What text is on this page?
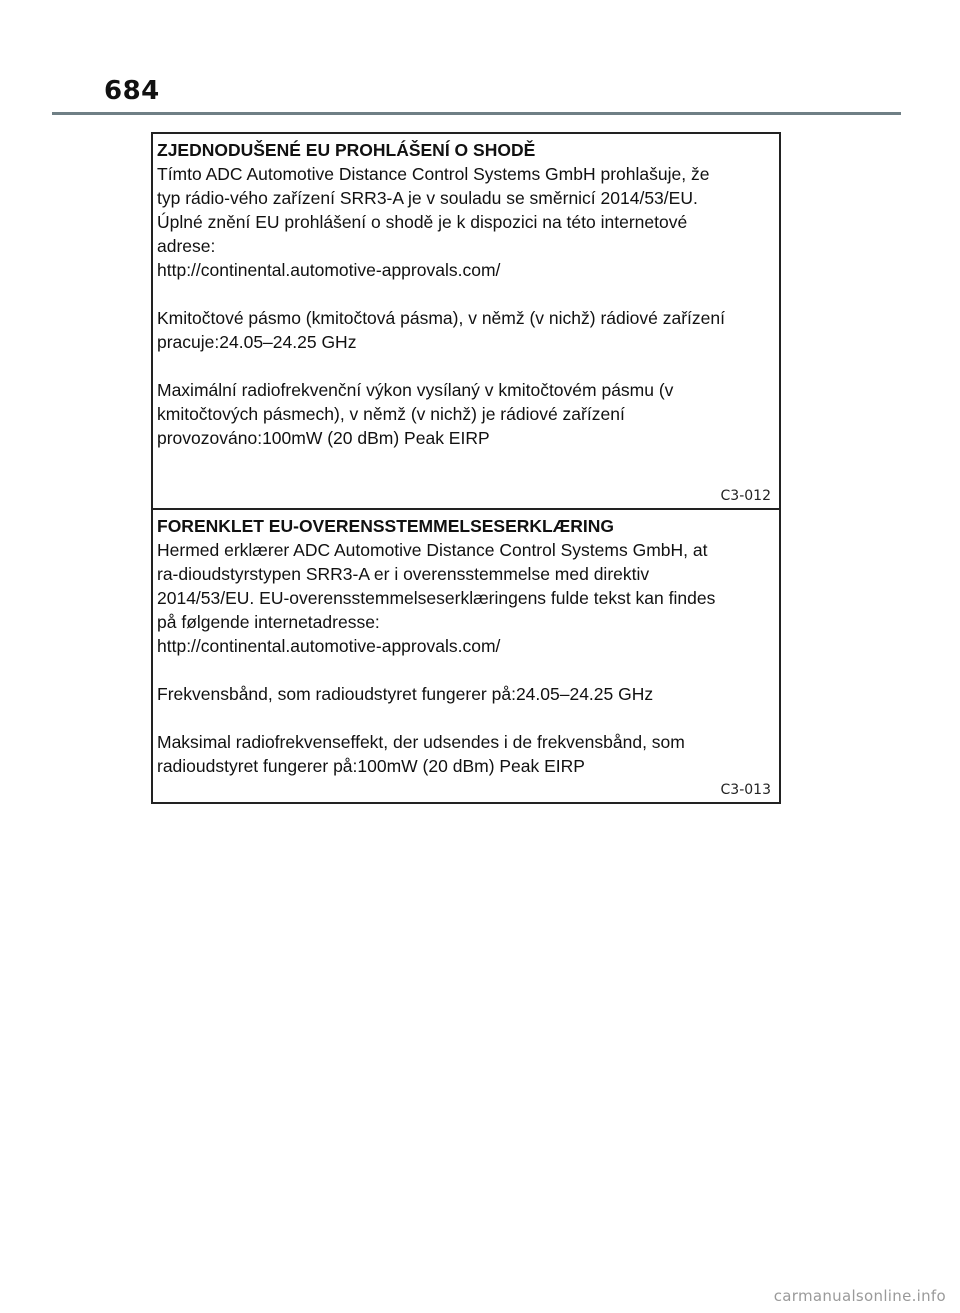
684

ZJEDNODUŠENÉ EU PROHLÁŠENÍ O SHODĚ

Tímto ADC Automotive Distance Control Systems GmbH prohlašuje, že

typ rádio-vého zařízení SRR3-A je v souladu se směrnicí 2014/53/EU.

Úplné znění EU prohlášení o shodě je k dispozici na této internetové

adrese:

http://continental.automotive-approvals.com/

Kmitočtové pásmo (kmitočtová pásma), v němž (v nichž) rádiové zařízení

pracuje:24.05–24.25 GHz

Maximální radiofrekvenční výkon vysílaný v kmitočtovém pásmu (v

kmitočtových pásmech), v němž (v nichž) je rádiové zařízení

provozováno:100mW (20 dBm) Peak EIRP

C3-012

FORENKLET EU-OVERENSSTEMMELSESERKLÆRING

Hermed erklærer ADC Automotive Distance Control Systems GmbH, at

ra-dioudstyrstypen SRR3-A er i overensstemmelse med direktiv

2014/53/EU. EU-overensstemmelseserklæringens fulde tekst kan findes

på følgende internetadresse:

http://continental.automotive-approvals.com/

Frekvensbånd, som radioudstyret fungerer på:24.05–24.25 GHz

Maksimal radiofrekvenseffekt, der udsendes i de frekvensbånd, som

radioudstyret fungerer på:100mW (20 dBm) Peak EIRP

C3-013
carmanualsonline.info
